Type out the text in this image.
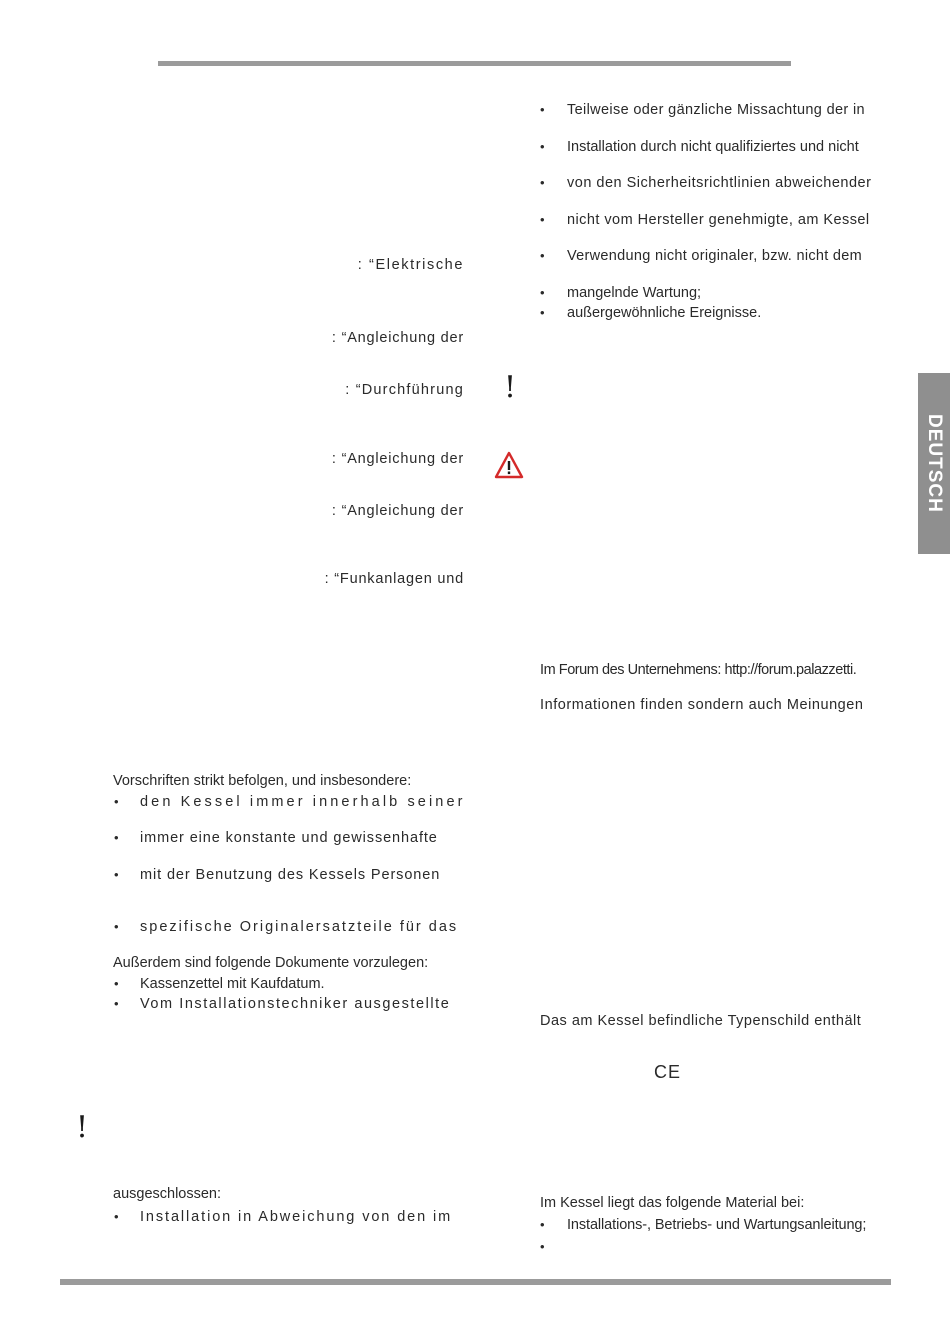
DEUTSCH
: “Elektrische
: “Angleichung der
: “Durchführung
: “Angleichung der
: “Angleichung der
: “Funkanlagen und
Vorschriften strikt befolgen, und insbesondere:
• den Kessel immer innerhalb seiner
• immer eine konstante und gewissenhafte
• mit der Benutzung des Kessels Personen
• spezifische Originalersatzteile für das
Außerdem sind folgende Dokumente vorzulegen:
• Kassenzettel mit Kaufdatum.
• Vom Installationstechniker ausgestellte
!
ausgeschlossen:
• Installation in Abweichung von den im
• Teilweise oder gänzliche Missachtung der in
• Installation durch nicht qualifiziertes und nicht
• von den Sicherheitsrichtlinien abweichender
• nicht vom Hersteller genehmigte, am Kessel
• Verwendung nicht originaler, bzw. nicht dem
• mangelnde Wartung;
• außergewöhnliche Ereignisse.
!
Im Forum des Unternehmens: http://forum.palazzetti.
Informationen finden sondern auch Meinungen
Das am Kessel befindliche Typenschild enthält
CE
Im Kessel liegt das folgende Material bei:
• Installations-, Betriebs- und Wartungsanleitung;
•
